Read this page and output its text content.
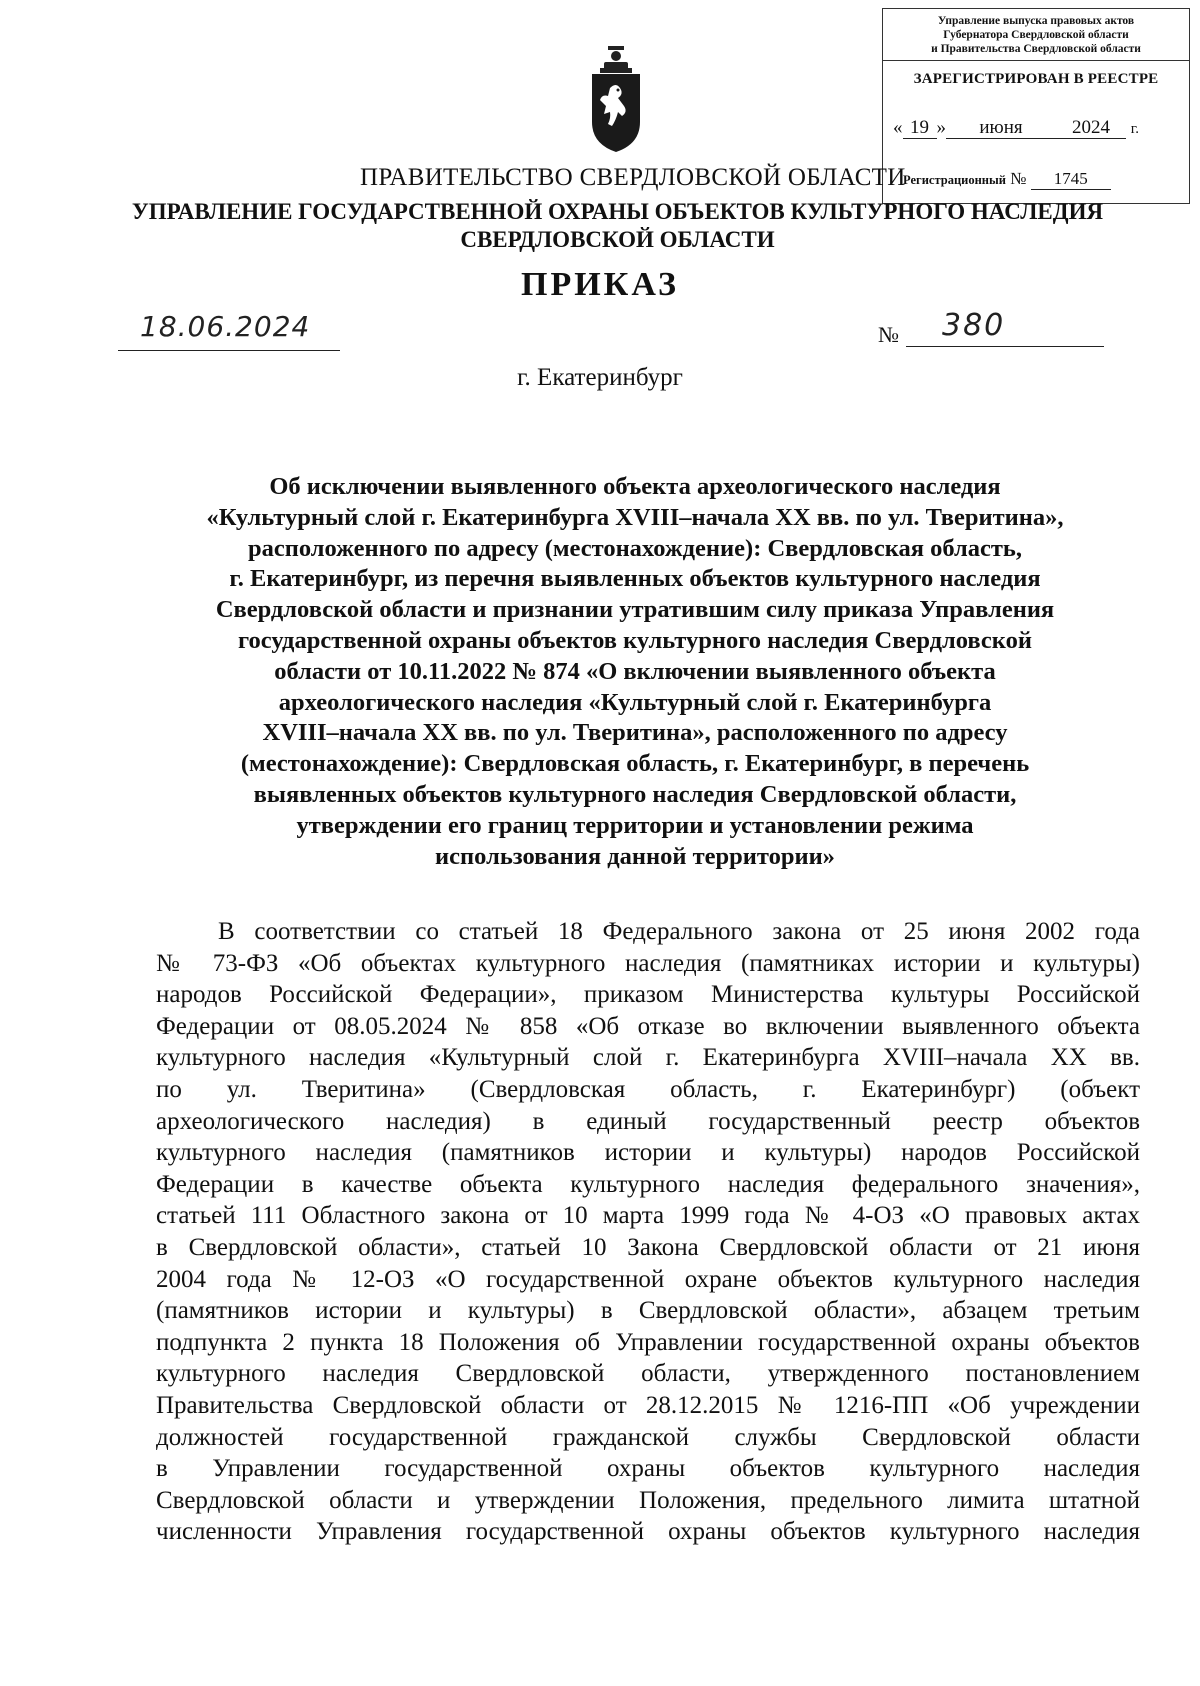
Управление выпуска правовых актов
Губернатора Свердловской области
и Правительства Свердловской области
ЗАРЕГИСТРИРОВАН В РЕЕСТРЕ
« 19 » июня	2024 г.
Регистрационный № 1745
ПРАВИТЕЛЬСТВО СВЕРДЛОВСКОЙ ОБЛАСТИ
УПРАВЛЕНИЕ ГОСУДАРСТВЕННОЙ ОХРАНЫ ОБЪЕКТОВ КУЛЬТУРНОГО НАСЛЕДИЯ
СВЕРДЛОВСКОЙ ОБЛАСТИ
ПРИКАЗ
18.06.2024	№ 380
г. Екатеринбург
Об исключении выявленного объекта археологического наследия
«Культурный слой г. Екатеринбурга XVIII–начала XX вв. по ул. Тверитина»,
расположенного по адресу (местонахождение): Свердловская область,
г. Екатеринбург, из перечня выявленных объектов культурного наследия
Свердловской области и признании утратившим силу приказа Управления
государственной охраны объектов культурного наследия Свердловской
области от 10.11.2022 № 874 «О включении выявленного объекта
археологического наследия «Культурный слой г. Екатеринбурга
XVIII–начала XX вв. по ул. Тверитина», расположенного по адресу
(местонахождение): Свердловская область, г. Екатеринбург, в перечень
выявленных объектов культурного наследия Свердловской области,
утверждении его границ территории и установлении режима
использования данной территории»
В соответствии со статьей 18 Федерального закона от 25 июня 2002 года
№ 73-ФЗ «Об объектах культурного наследия (памятниках истории и культуры)
народов Российской Федерации», приказом Министерства культуры Российской
Федерации от 08.05.2024 № 858 «Об отказе во включении выявленного объекта
культурного наследия «Культурный слой г. Екатеринбурга XVIII–начала XX вв.
по ул. Тверитина» (Свердловская область, г. Екатеринбург) (объект
археологического наследия) в единый государственный реестр объектов
культурного наследия (памятников истории и культуры) народов Российской
Федерации в качестве объекта культурного наследия федерального значения»,
статьей 111 Областного закона от 10 марта 1999 года № 4-ОЗ «О правовых актах
в Свердловской области», статьей 10 Закона Свердловской области от 21 июня
2004 года № 12-ОЗ «О государственной охране объектов культурного наследия
(памятников истории и культуры) в Свердловской области», абзацем третьим
подпункта 2 пункта 18 Положения об Управлении государственной охраны объектов
культурного наследия Свердловской области, утвержденного постановлением
Правительства Свердловской области от 28.12.2015 № 1216-ПП «Об учреждении
должностей государственной гражданской службы Свердловской области
в Управлении государственной охраны объектов культурного наследия
Свердловской области и утверждении Положения, предельного лимита штатной
численности Управления государственной охраны объектов культурного наследия
